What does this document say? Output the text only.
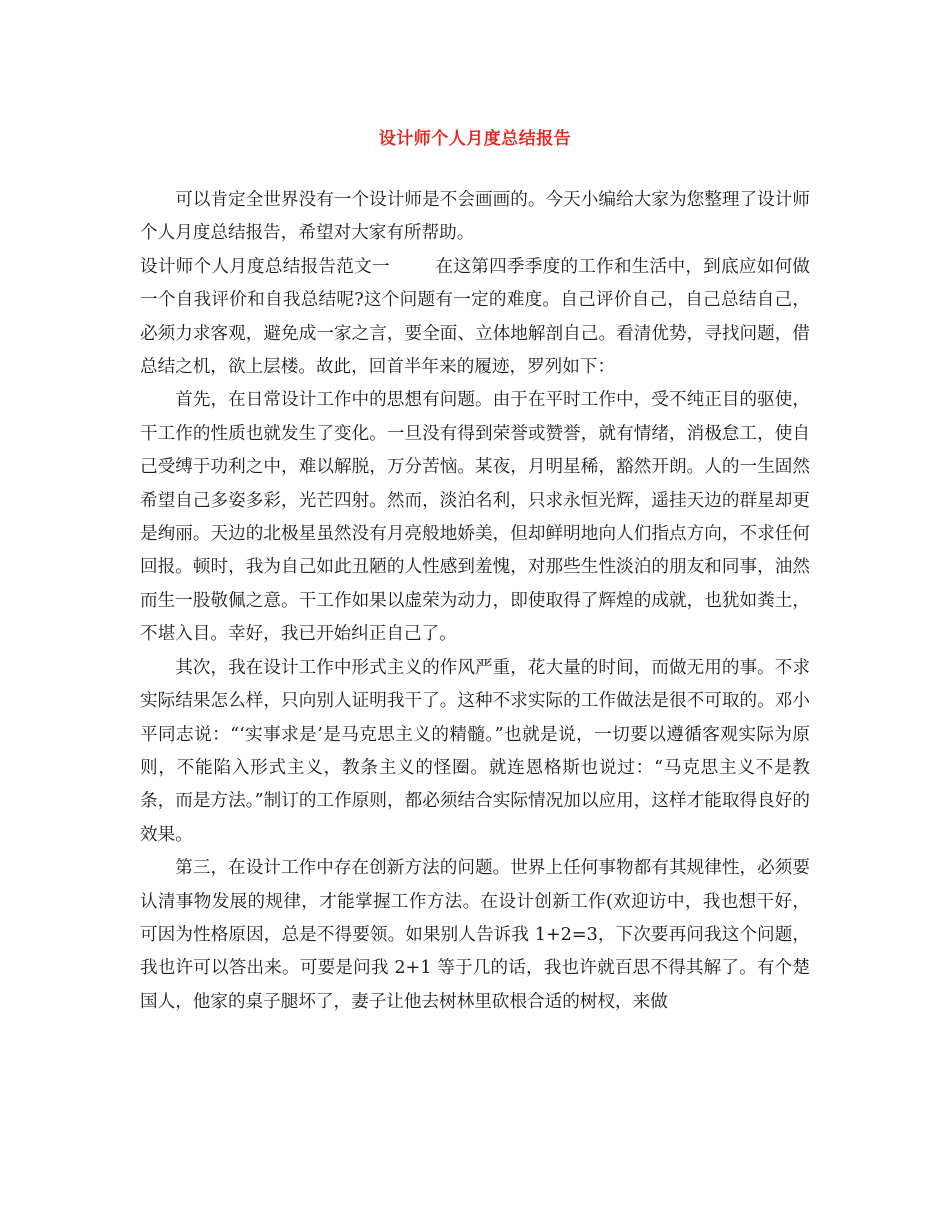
设计师个人月度总结报告

可以肯定全世界没有一个设计师是不会画画的。今天小编给大家为您整理了设计师个人月度总结报告，希望对大家有所帮助。

设计师个人月度总结报告范文一	在这第四季季度的工作和生活中，到底应如何做一个自我评价和自我总结呢?这个问题有一定的难度。自己评价自己，自己总结自己，必须力求客观，避免成一家之言，要全面、立体地解剖自己。看清优势，寻找问题，借总结之机，欲上层楼。故此，回首半年来的履迹，罗列如下：

首先，在日常设计工作中的思想有问题。由于在平时工作中，受不纯正目的驱使，干工作的性质也就发生了变化。一旦没有得到荣誉或赞誉，就有情绪，消极怠工，使自己受缚于功利之中，难以解脱，万分苦恼。某夜，月明星稀，豁然开朗。人的一生固然希望自己多姿多彩，光芒四射。然而，淡泊名利，只求永恒光辉，遥挂天边的群星却更是绚丽。天边的北极星虽然没有月亮般地娇美，但却鲜明地向人们指点方向，不求任何回报。顿时，我为自己如此丑陋的人性感到羞愧，对那些生性淡泊的朋友和同事，油然而生一股敬佩之意。干工作如果以虚荣为动力，即使取得了辉煌的成就，也犹如粪土，不堪入目。幸好，我已开始纠正自己了。

其次，我在设计工作中形式主义的作风严重，花大量的时间，而做无用的事。不求实际结果怎么样，只向别人证明我干了。这种不求实际的工作做法是很不可取的。邓小平同志说：“‘实事求是’是马克思主义的精髓。”也就是说，一切要以遵循客观实际为原则，不能陷入形式主义，教条主义的怪圈。就连恩格斯也说过：“马克思主义不是教条，而是方法。”制订的工作原则，都必须结合实际情况加以应用，这样才能取得良好的效果。

第三，在设计工作中存在创新方法的问题。世界上任何事物都有其规律性，必须要认清事物发展的规律，才能掌握工作方法。在设计创新工作(欢迎访中，我也想干好，可因为性格原因，总是不得要领。如果别人告诉我 1+2=3，下次要再问我这个问题，我也许可以答出来。可要是问我 2+1 等于几的话，我也许就百思不得其解了。有个楚国人，他家的桌子腿坏了，妻子让他去树林里砍根合适的树杈，来做
